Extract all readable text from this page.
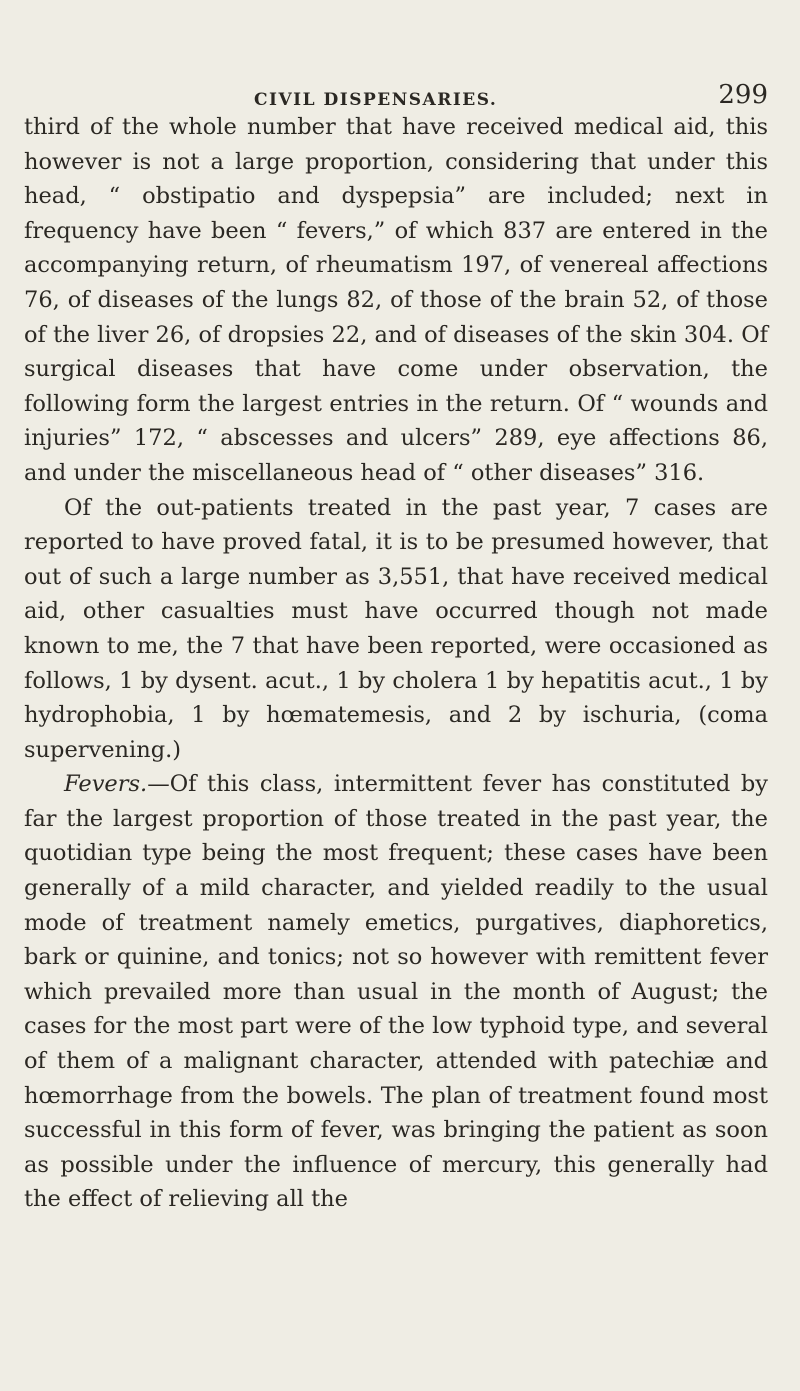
CIVIL DISPENSARIES.	299

third of the whole number that have received medical aid, this however is not a large proportion, considering that under this head, “ obstipatio and dyspepsia” are included; next in frequency have been “ fevers,” of which 837 are entered in the accompanying return, of rheumatism 197, of venereal affections 76, of diseases of the lungs 82, of those of the brain 52, of those of the liver 26, of dropsies 22, and of diseases of the skin 304. Of surgical diseases that have come under observation, the following form the largest entries in the return. Of “ wounds and injuries” 172, “ abscesses and ulcers” 289, eye affections 86, and under the miscellaneous head of “ other diseases” 316.

Of the out-patients treated in the past year, 7 cases are reported to have proved fatal, it is to be presumed however, that out of such a large number as 3,551, that have received medical aid, other casualties must have occurred though not made known to me, the 7 that have been reported, were occasioned as follows, 1 by dysent. acut., 1 by cholera 1 by hepatitis acut., 1 by hydrophobia, 1 by hœmatemesis, and 2 by ischuria, (coma supervening.)

Fevers.—Of this class, intermittent fever has constituted by far the largest proportion of those treated in the past year, the quotidian type being the most frequent; these cases have been generally of a mild character, and yielded readily to the usual mode of treatment namely emetics, purgatives, diaphoretics, bark or quinine, and tonics; not so however with remittent fever which prevailed more than usual in the month of August; the cases for the most part were of the low typhoid type, and several of them of a malignant character, attended with patechiæ and hœmorrhage from the bowels. The plan of treatment found most successful in this form of fever, was bringing the patient as soon as possible under the influence of mercury, this generally had the effect of relieving all the
